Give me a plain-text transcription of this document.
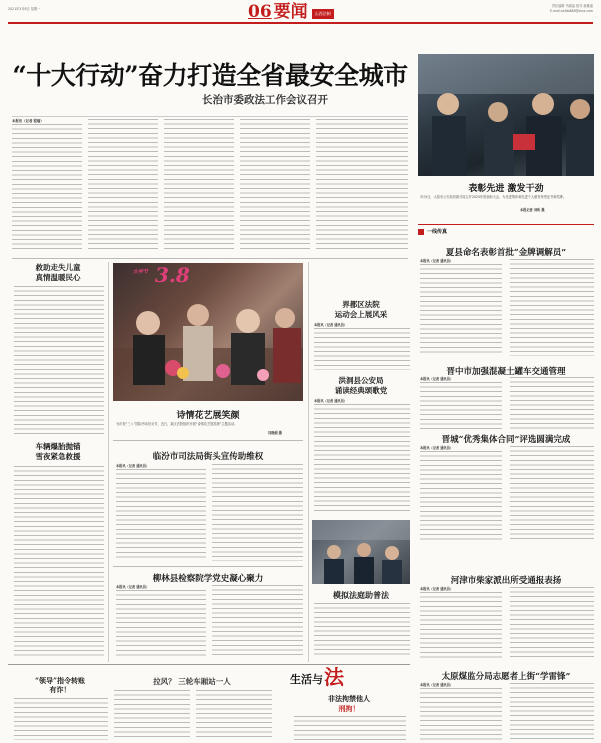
2021年3月8日 星期一	06 要闻	山西法制
责任编辑 马晓晶 校对 郝雅丽
E-mail:sxfzb888@sina.com
“十大行动”奋力打造全省最安全城市
长治市委政法工作会议召开
本报讯（记者 程瑞）
表彰先进 激发干劲
3月5日，太原市公安局晋源分局召开2020年度表彰大会，为先进集体和先进个人颁发荣誉证书和奖牌。
本报记者 刘昕 摄
一线传真
夏县命名表彰首批“金牌调解员”
本报讯（记者 通讯员）
晋中市加强混凝土罐车交通管理
本报讯（记者 通讯员）
晋城“优秀集体合同”评选圆满完成
本报讯（记者 通讯员）
河津市柴家派出所受通报表扬
本报讯（记者 通讯员）
太原煤监分局志愿者上街“学雷锋”
本报讯（记者 通讯员）
救助走失儿童
真情温暖民心
车辆爆胎抛锚
雪夜紧急救援
女神节 3.8
诗情花艺展笑颜
为庆祝“三八”国际劳动妇女节，近日，某区法院组织开展“诗情花艺展笑颜”主题活动。
闫晓娟 摄
临汾市司法局街头宣传助维权
本报讯（记者 通讯员）
柳林县检察院学党史凝心聚力
本报讯（记者 通讯员）
界都区法院
运动会上展风采
本报讯（记者 通讯员）
洪洞县公安局
诵读经典颂歌党
本报讯（记者 通讯员）
模拟法庭助普法
“领导”指令转账
有诈！
拉风？ 三轮车厢站一人	生活与 法
非法拘禁他人
刑拘！
